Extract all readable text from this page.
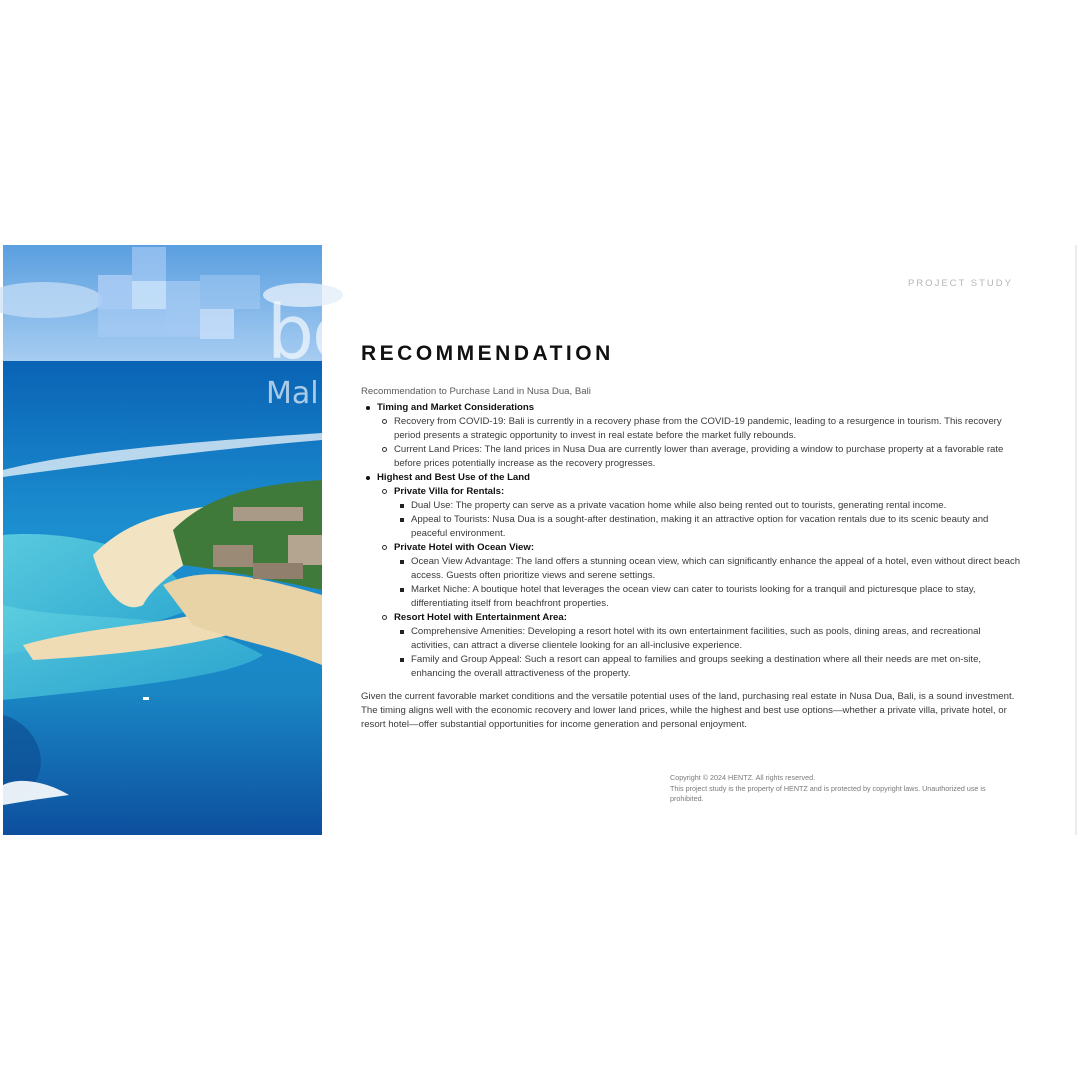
bo
Mal
PROJECT STUDY
RECOMMENDATION

Recommendation to Purchase Land in Nusa Dua, Bali

Timing and Market Considerations
Recovery from COVID-19: Bali is currently in a recovery phase from the COVID-19 pandemic, leading to a resurgence in tourism. This recovery period presents a strategic opportunity to invest in real estate before the market fully rebounds.
Current Land Prices: The land prices in Nusa Dua are currently lower than average, providing a window to purchase property at a favorable rate before prices potentially increase as the recovery progresses.
Highest and Best Use of the Land
Private Villa for Rentals:
Dual Use: The property can serve as a private vacation home while also being rented out to tourists, generating rental income.
Appeal to Tourists: Nusa Dua is a sought-after destination, making it an attractive option for vacation rentals due to its scenic beauty and peaceful environment.
Private Hotel with Ocean View:
Ocean View Advantage: The land offers a stunning ocean view, which can significantly enhance the appeal of a hotel, even without direct beach access. Guests often prioritize views and serene settings.
Market Niche: A boutique hotel that leverages the ocean view can cater to tourists looking for a tranquil and picturesque place to stay, differentiating itself from beachfront properties.
Resort Hotel with Entertainment Area:
Comprehensive Amenities: Developing a resort hotel with its own entertainment facilities, such as pools, dining areas, and recreational activities, can attract a diverse clientele looking for an all-inclusive experience.
Family and Group Appeal: Such a resort can appeal to families and groups seeking a destination where all their needs are met on-site, enhancing the overall attractiveness of the property.

Given the current favorable market conditions and the versatile potential uses of the land, purchasing real estate in Nusa Dua, Bali, is a sound investment. The timing aligns well with the economic recovery and lower land prices, while the highest and best use options—whether a private villa, private hotel, or resort hotel—offer substantial opportunities for income generation and personal enjoyment.

Copyright © 2024 HENTZ. All rights reserved.
This project study is the property of HENTZ and is protected by copyright laws. Unauthorized use is prohibited.
